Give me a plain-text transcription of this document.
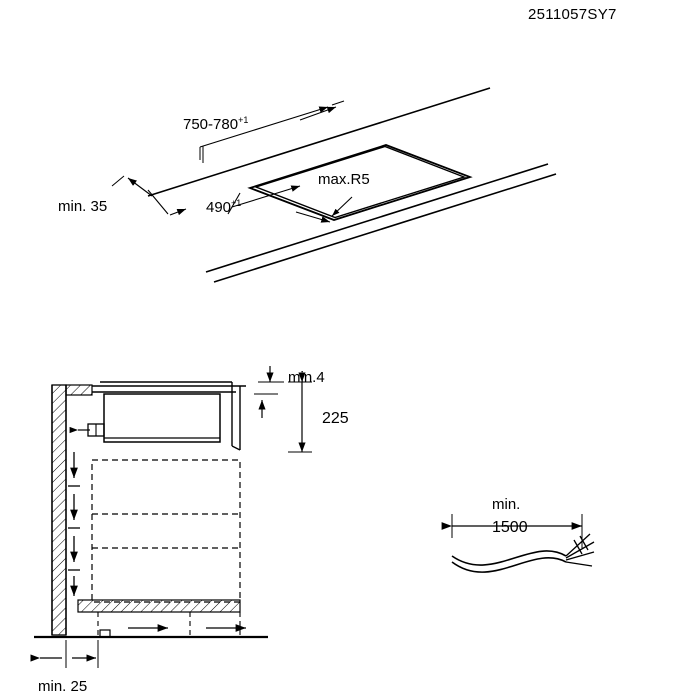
2511057SY7
$750-780^{+1}$
$490^{+1}$
max.R5
min. 35
min.4
225
min. 25
min.
1500
